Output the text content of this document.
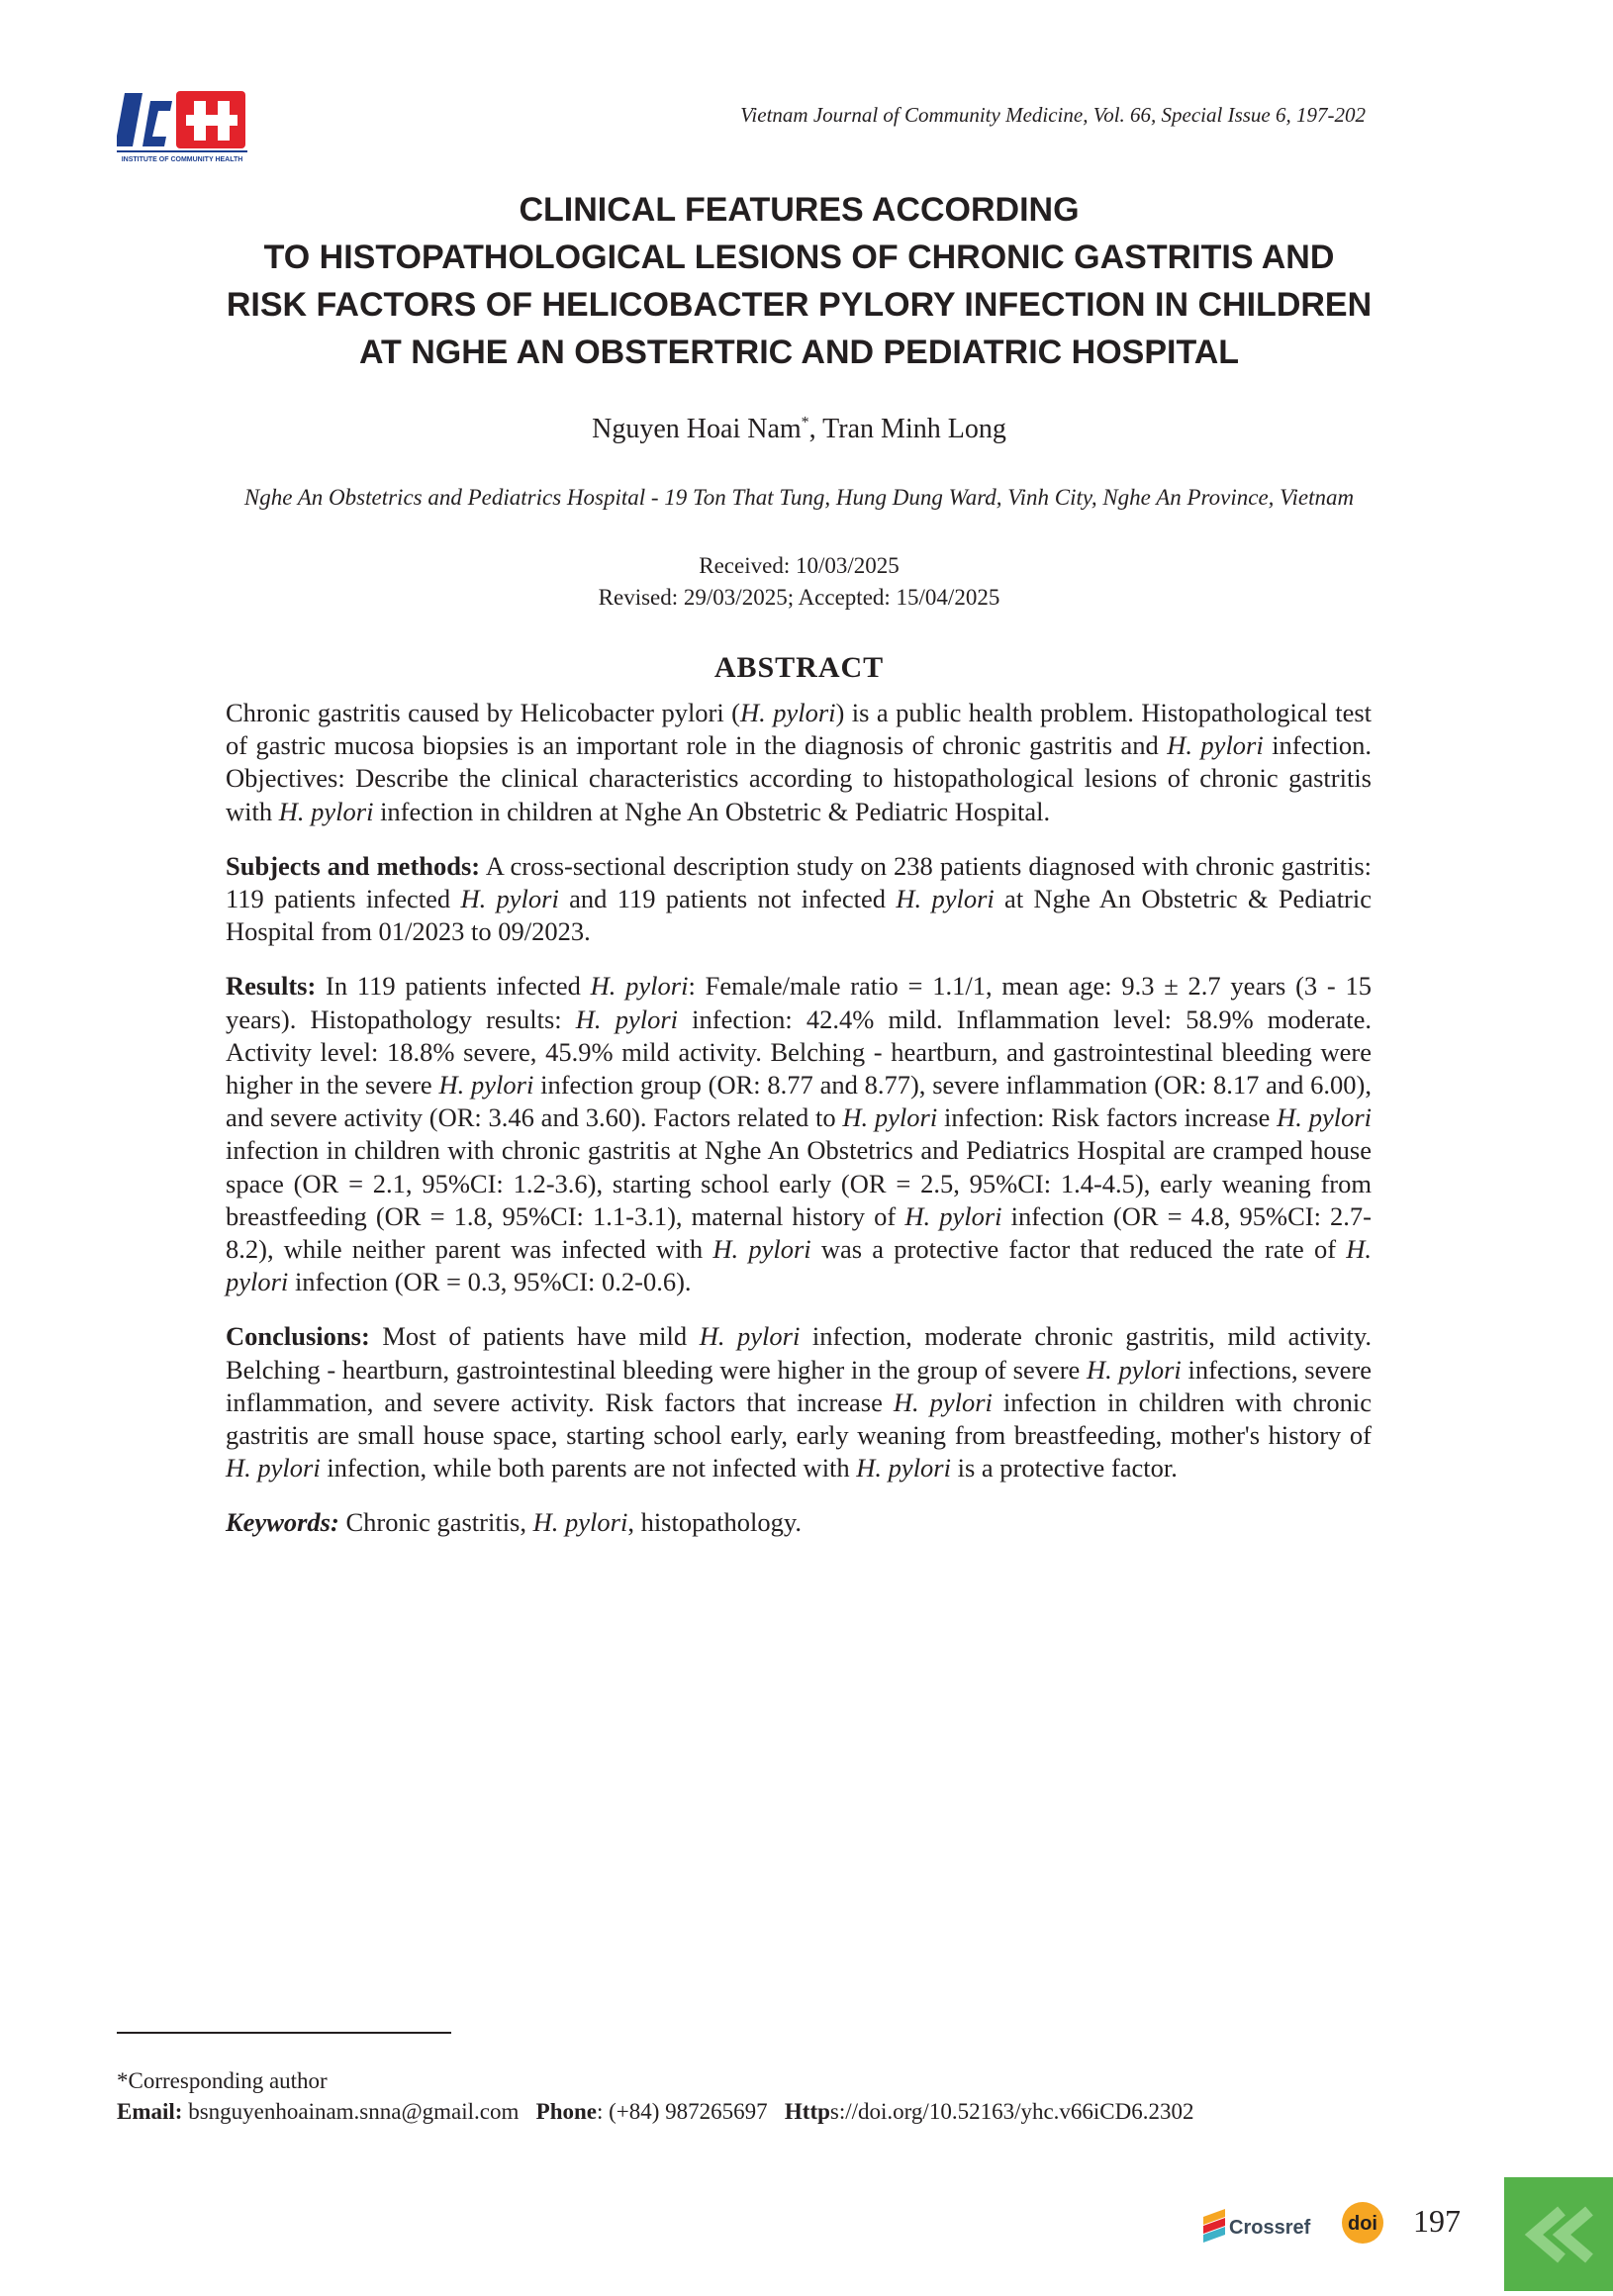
INSTITUTE OF COMMUNITY HEALTH
Vietnam Journal of Community Medicine, Vol. 66, Special Issue 6, 197-202
CLINICAL FEATURES ACCORDING
TO HISTOPATHOLOGICAL LESIONS OF CHRONIC GASTRITIS AND
RISK FACTORS OF HELICOBACTER PYLORY INFECTION IN CHILDREN
AT NGHE AN OBSTERTRIC AND PEDIATRIC HOSPITAL
Nguyen Hoai Nam*, Tran Minh Long
Nghe An Obstetrics and Pediatrics Hospital - 19 Ton That Tung, Hung Dung Ward, Vinh City, Nghe An Province, Vietnam
Received: 10/03/2025
Revised: 29/03/2025; Accepted: 15/04/2025
ABSTRACT

Chronic gastritis caused by Helicobacter pylori (H. pylori) is a public health problem. Histopathological test of gastric mucosa biopsies is an important role in the diagnosis of chronic gastritis and H. pylori infection. Objectives: Describe the clinical characteristics according to histopathological lesions of chronic gastritis with H. pylori infection in children at Nghe An Obstetric & Pediatric Hospital.

Subjects and methods: A cross-sectional description study on 238 patients diagnosed with chronic gastritis: 119 patients infected H. pylori and 119 patients not infected H. pylori at Nghe An Obstetric & Pediatric Hospital from 01/2023 to 09/2023.

Results: In 119 patients infected H. pylori: Female/male ratio = 1.1/1, mean age: 9.3 ± 2.7 years (3 - 15 years). Histopathology results: H. pylori infection: 42.4% mild. Inflammation level: 58.9% moderate. Activity level: 18.8% severe, 45.9% mild activity. Belching - heartburn, and gastrointestinal bleeding were higher in the severe H. pylori infection group (OR: 8.77 and 8.77), severe inflammation (OR: 8.17 and 6.00), and severe activity (OR: 3.46 and 3.60). Factors related to H. pylori infection: Risk factors increase H. pylori infection in children with chronic gastritis at Nghe An Obstetrics and Pediatrics Hospital are cramped house space (OR = 2.1, 95%CI: 1.2-3.6), starting school early (OR = 2.5, 95%CI: 1.4-4.5), early weaning from breastfeeding (OR = 1.8, 95%CI: 1.1-3.1), maternal history of H. pylori infection (OR = 4.8, 95%CI: 2.7-8.2), while neither parent was infected with H. pylori was a protective factor that reduced the rate of H. pylori infection (OR = 0.3, 95%CI: 0.2-0.6).

Conclusions: Most of patients have mild H. pylori infection, moderate chronic gastritis, mild activity. Belching - heartburn, gastrointestinal bleeding were higher in the group of severe H. pylori infections, severe inflammation, and severe activity. Risk factors that increase H. pylori infection in children with chronic gastritis are small house space, starting school early, early weaning from breastfeeding, mother's history of H. pylori infection, while both parents are not infected with H. pylori is a protective factor.

Keywords: Chronic gastritis, H. pylori, histopathology.

*Corresponding author
Email: bsnguyenhoainam.snna@gmail.com Phone: (+84) 987265697 Https://doi.org/10.52163/yhc.v66iCD6.2302
Crossref doi 197
